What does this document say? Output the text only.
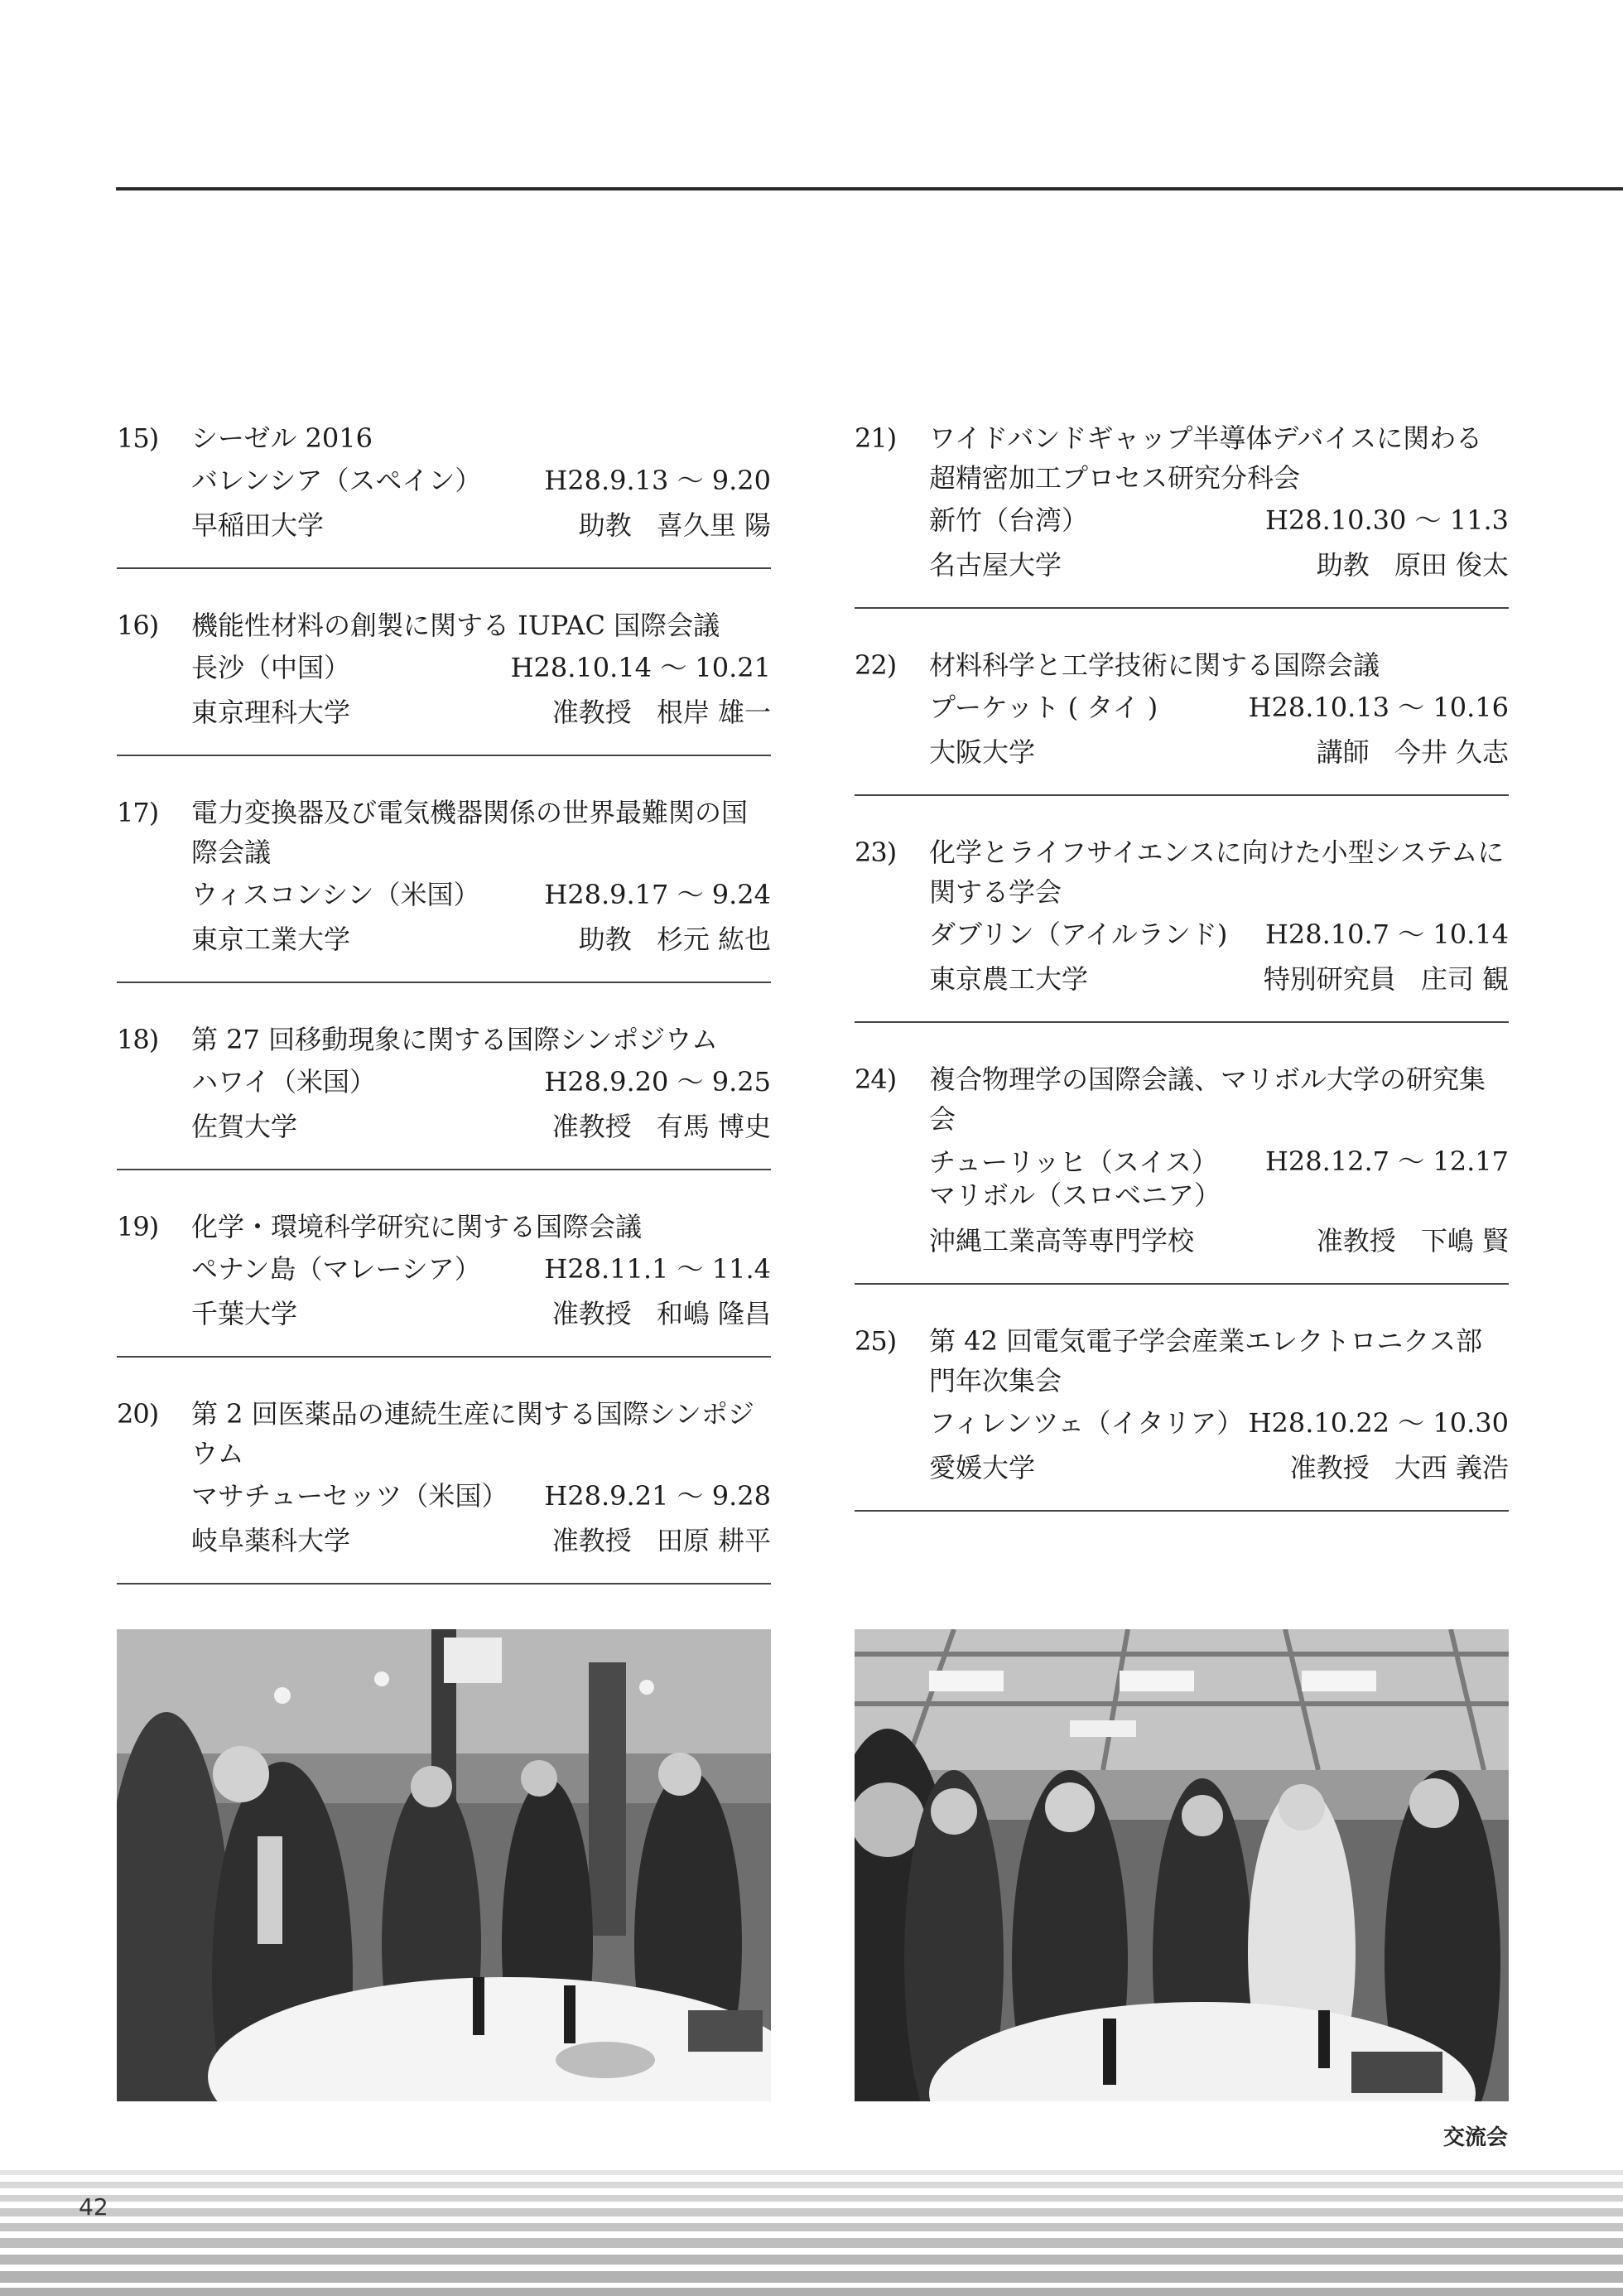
15)	シーゼル 2016
バレンシア（スペイン） H28.9.13 ～ 9.20
早稲田大学	助教 喜久里 陽
16)	機能性材料の創製に関する IUPAC 国際会議
長沙（中国）	H28.10.14 ～ 10.21
東京理科大学	准教授 根岸 雄一
17)	電力変換器及び電気機器関係の世界最難関の国際会議
ウィスコンシン（米国） H28.9.17 ～ 9.24
東京工業大学	助教 杉元 紘也
18)	第 27 回移動現象に関する国際シンポジウム
ハワイ（米国）	H28.9.20 ～ 9.25
佐賀大学	准教授 有馬 博史
19)	化学・環境科学研究に関する国際会議
ペナン島（マレーシア） H28.11.1 ～ 11.4
千葉大学	准教授 和嶋 隆昌
20)	第 2 回医薬品の連続生産に関する国際シンポジウム
マサチューセッツ（米国） H28.9.21 ～ 9.28
岐阜薬科大学	准教授 田原 耕平
21)	ワイドバンドギャップ半導体デバイスに関わる超精密加工プロセス研究分科会
新竹（台湾）	H28.10.30 ～ 11.3
名古屋大学	助教 原田 俊太
22)	材料科学と工学技術に関する国際会議
プーケット ( タイ )	H28.10.13 ～ 10.16
大阪大学	講師 今井 久志
23)	化学とライフサイエンスに向けた小型システムに関する学会
ダブリン（アイルランド) H28.10.7 ～ 10.14
東京農工大学	特別研究員 庄司 観
24)	複合物理学の国際会議、マリボル大学の研究集会
チューリッヒ（スイス）
マリボル（スロベニア）
H28.12.7 ～ 12.17
沖縄工業高等専門学校	准教授 下嶋 賢
25)	第 42 回電気電子学会産業エレクトロニクス部門年次集会
フィレンツェ（イタリア） H28.10.22 ～ 10.30
愛媛大学	准教授 大西 義浩
交流会
42
